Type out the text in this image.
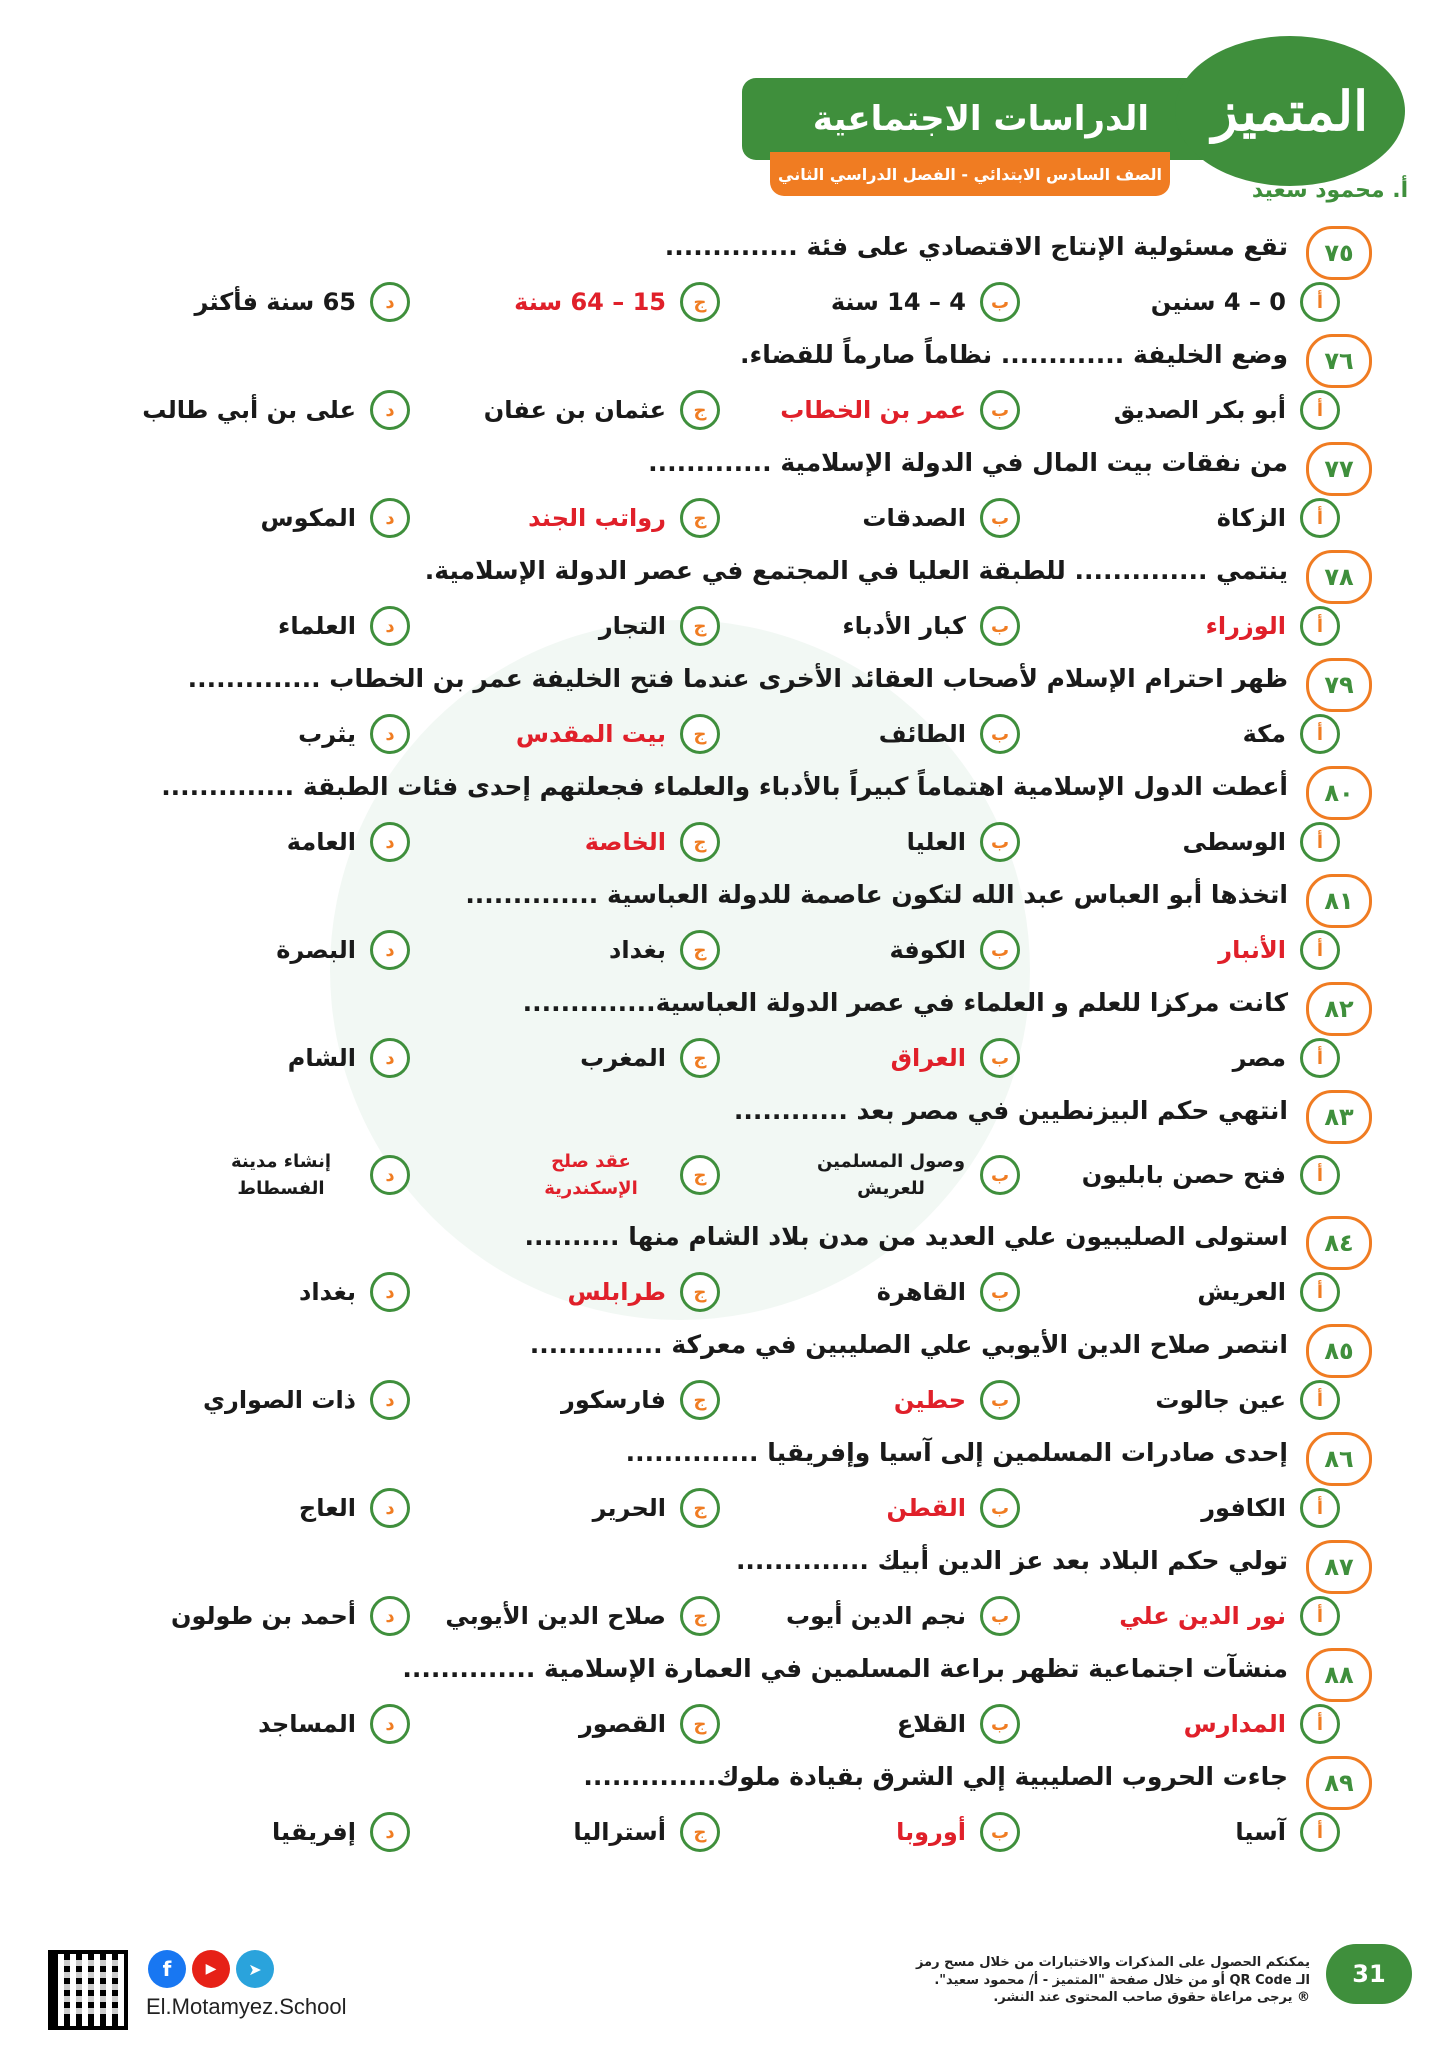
الدراسات الاجتماعية
الصف السادس الابتدائي - الفصل الدراسي الثاني
المتميز
أ. محمود سعيد
٧٥
تقع مسئولية الإنتاج الاقتصادي على فئة ..............
أ
0 – 4 سنين
ب
4 – 14 سنة
ج
15 – 64 سنة
د
65 سنة فأكثر
٧٦
وضع الخليفة ............. نظاماً صارماً للقضاء.
أ
أبو بكر الصديق
ب
عمر بن الخطاب
ج
عثمان بن عفان
د
على بن أبي طالب
٧٧
من نفقات بيت المال في الدولة الإسلامية .............
أ
الزكاة
ب
الصدقات
ج
رواتب الجند
د
المكوس
٧٨
ينتمي .............. للطبقة العليا في المجتمع في عصر الدولة الإسلامية.
أ
الوزراء
ب
كبار الأدباء
ج
التجار
د
العلماء
٧٩
ظهر احترام الإسلام لأصحاب العقائد الأخرى عندما فتح الخليفة عمر بن الخطاب ..............
أ
مكة
ب
الطائف
ج
بيت المقدس
د
يثرب
٨٠
أعطت الدول الإسلامية اهتماماً كبيراً بالأدباء والعلماء فجعلتهم إحدى فئات الطبقة ..............
أ
الوسطى
ب
العليا
ج
الخاصة
د
العامة
٨١
اتخذها أبو العباس عبد الله لتكون عاصمة للدولة العباسية ..............
أ
الأنبار
ب
الكوفة
ج
بغداد
د
البصرة
٨٢
كانت مركزا للعلم و العلماء في عصر الدولة العباسية..............
أ
مصر
ب
العراق
ج
المغرب
د
الشام
٨٣
انتهي حكم البيزنطيين في مصر بعد ............
أ
فتح حصن بابليون
ب
وصول المسلمين للعريش
ج
عقد صلح الإسكندرية
د
إنشاء مدينة الفسطاط
٨٤
استولى الصليبيون علي العديد من مدن بلاد الشام منها ..........
أ
العريش
ب
القاهرة
ج
طرابلس
د
بغداد
٨٥
انتصر صلاح الدين الأيوبي علي الصليبين في معركة ..............
أ
عين جالوت
ب
حطين
ج
فارسكور
د
ذات الصواري
٨٦
إحدى صادرات المسلمين إلى آسيا وإفريقيا ..............
أ
الكافور
ب
القطن
ج
الحرير
د
العاج
٨٧
تولي حكم البلاد بعد عز الدين أبيك ..............
أ
نور الدين علي
ب
نجم الدين أيوب
ج
صلاح الدين الأيوبي
د
أحمد بن طولون
٨٨
منشآت اجتماعية تظهر براعة المسلمين في العمارة الإسلامية ..............
أ
المدارس
ب
القلاع
ج
القصور
د
المساجد
٨٩
جاءت الحروب الصليبية إلي الشرق بقيادة ملوك..............
أ
آسيا
ب
أوروبا
ج
أستراليا
د
إفريقيا
31
يمكنكم الحصول على المذكرات والاختبارات من خلال مسح رمز
الـ QR Code أو من خلال صفحة "المتميز - أ/ محمود سعيد".
® يرجى مراعاة حقوق صاحب المحتوى عند النشر.
f	▶	➤
El.Motamyez.School
